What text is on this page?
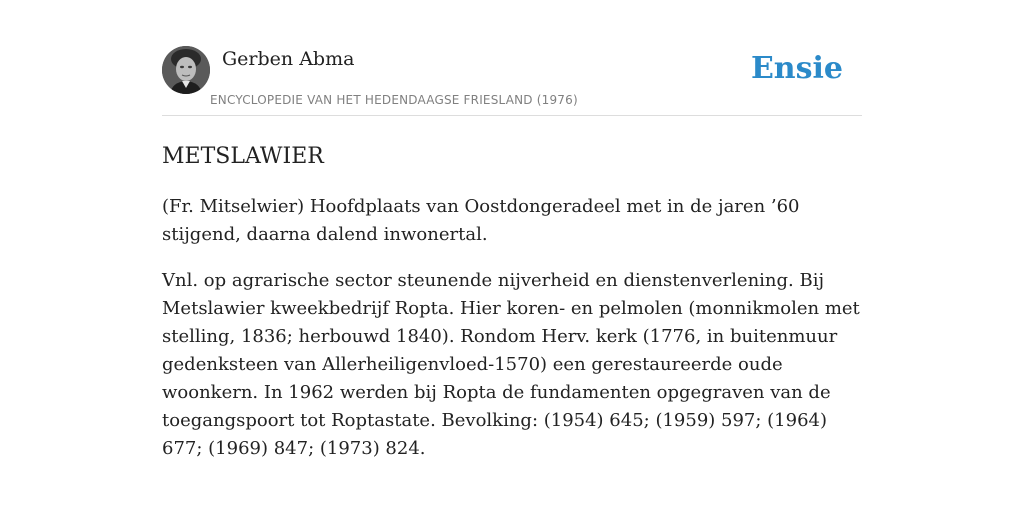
Gerben Abma
ENCYCLOPEDIE VAN HET HEDENDAAGSE FRIESLAND (1976)
Ensie
METSLAWIER

(Fr. Mitselwier) Hoofdplaats van Oostdongeradeel met in de jaren ’60 stijgend, daarna dalend inwonertal.

Vnl. op agrarische sector steunende nijverheid en dienstenverlening. Bij Metslawier kweekbedrijf Ropta. Hier koren- en pelmolen (monnikmolen met stelling, 1836; herbouwd 1840). Rondom Herv. kerk (1776, in buitenmuur gedenksteen van Allerheiligenvloed-1570) een gerestaureerde oude woonkern. In 1962 werden bij Ropta de fundamenten opgegraven van de toegangspoort tot Roptastate. Bevolking: (1954) 645; (1959) 597; (1964) 677; (1969) 847; (1973) 824.
